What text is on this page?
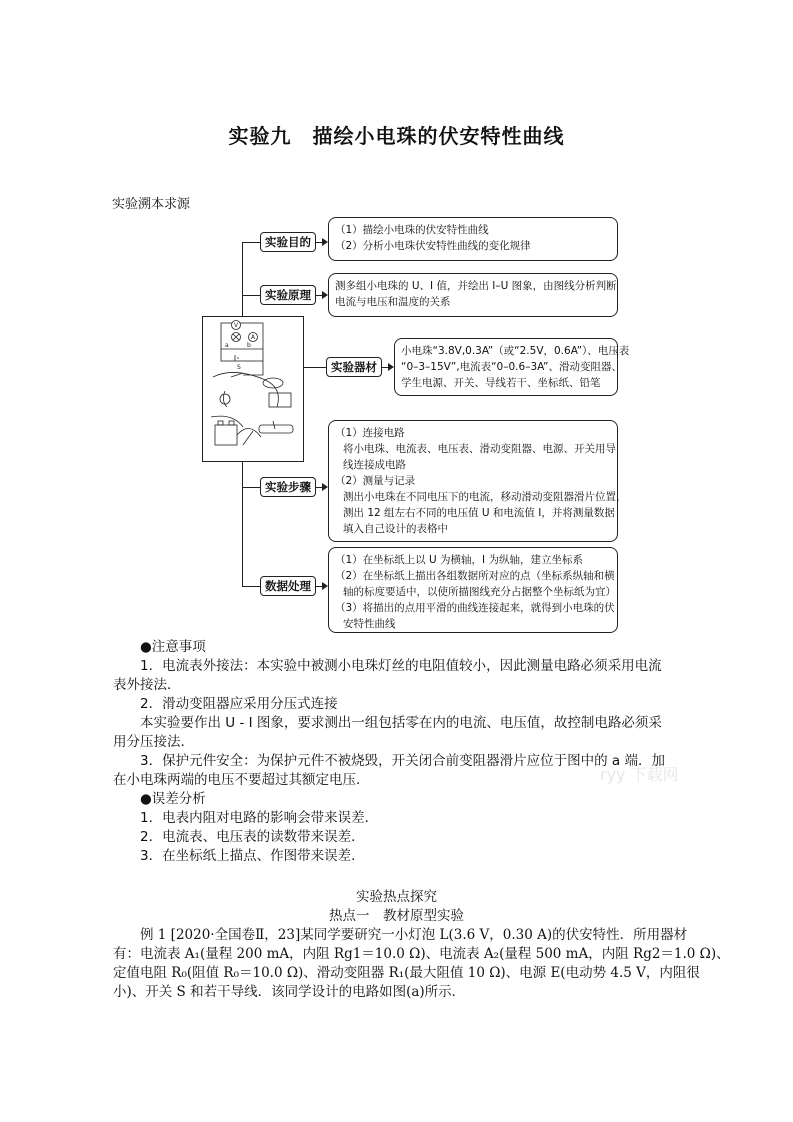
实验九　描绘小电珠的伏安特性曲线
实验溯本求源
实验目的
实验原理
实验器材
实验步骤
数据处理
（1）描绘小电珠的伏安特性曲线
（2）分析小电珠伏安特性曲线的变化规律
测多组小电珠的 U、I 值，并绘出 I–U 图象，由图线分析判断
电流与电压和温度的关系
小电珠“3.8V,0.3A”（或“2.5V，0.6A”）、电压表
“0–3–15V”,电流表“0–0.6–3A”、滑动变阻器、
学生电源、开关、导线若干、坐标纸、铅笔
（1）连接电路
将小电珠、电流表、电压表、滑动变阻器、电源、开关用导
线连接成电路
（2）测量与记录
测出小电珠在不同电压下的电流，移动滑动变阻器滑片位置，
测出 12 组左右不同的电压值 U 和电流值 I，并将测量数据
填入自己设计的表格中
（1）在坐标纸上以 U 为横轴，I 为纵轴，建立坐标系
（2）在坐标纸上描出各组数据所对应的点（坐标系纵轴和横
轴的标度要适中，以使所描图线充分占据整个坐标纸为宜）
（3）将描出的点用平滑的曲线连接起来，就得到小电珠的伏
安特性曲线
V
A
a	b
S
●注意事项
1．电流表外接法：本实验中被测小电珠灯丝的电阻值较小，因此测量电路必须采用电流
表外接法．
2．滑动变阻器应采用分压式连接
本实验要作出 U - I 图象，要求测出一组包括零在内的电流、电压值，故控制电路必须采
用分压接法．
3．保护元件安全：为保护元件不被烧毁，开关闭合前变阻器滑片应位于图中的 a 端．加
在小电珠两端的电压不要超过其额定电压．
●误差分析
1．电表内阻对电路的影响会带来误差．
2．电流表、电压表的读数带来误差．
3．在坐标纸上描点、作图带来误差．
实验热点探究
热点一　教材原型实验
例 1 [2020·全国卷Ⅱ，23]某同学要研究一小灯泡 L(3.6 V，0.30 A)的伏安特性．所用器材
有：电流表 A₁(量程 200 mA，内阻 Rg1＝10.0 Ω)、电流表 A₂(量程 500 mA，内阻 Rg2＝1.0 Ω)、
定值电阻 R₀(阻值 R₀＝10.0 Ω)、滑动变阻器 R₁(最大阻值 10 Ω)、电源 E(电动势 4.5 V，内阻很
小)、开关 S 和若干导线．该同学设计的电路如图(a)所示．
ryy 下载网
